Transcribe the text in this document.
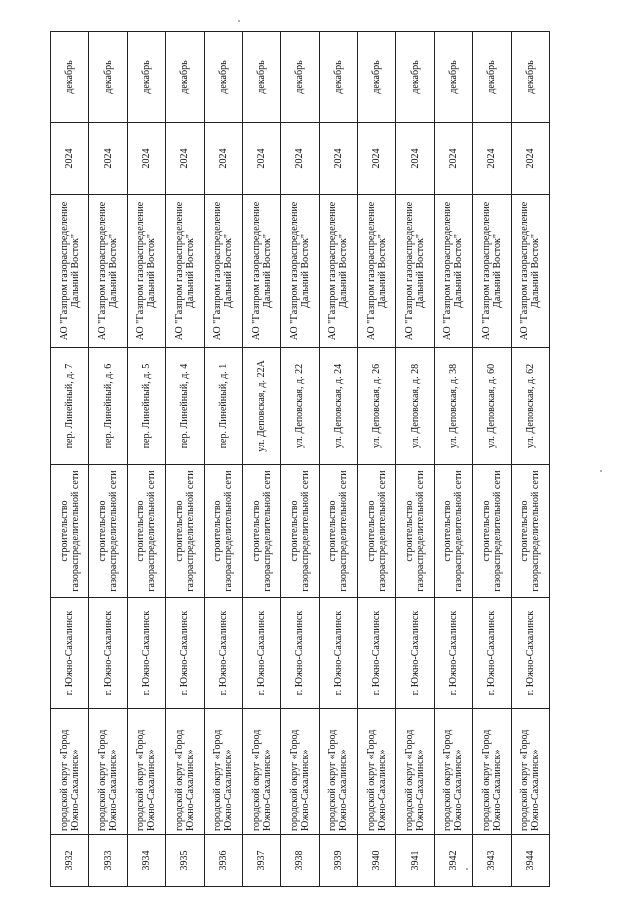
3932	городской округ «Город Южно-Сахалинск»	г. Южно-Сахалинск	строительство газораспределительной сети	пер. Линейный, д. 7	АО "Газпром газораспределение Дальний Восток"	2024	декабрь
3933	городской округ «Город Южно-Сахалинск»	г. Южно-Сахалинск	строительство газораспределительной сети	пер. Линейный, д. 6	АО "Газпром газораспределение Дальний Восток"	2024	декабрь
3934	городской округ «Город Южно-Сахалинск»	г. Южно-Сахалинск	строительство газораспределительной сети	пер. Линейный, д. 5	АО "Газпром газораспределение Дальний Восток"	2024	декабрь
3935	городской округ «Город Южно-Сахалинск»	г. Южно-Сахалинск	строительство газораспределительной сети	пер. Линейный, д. 4	АО "Газпром газораспределение Дальний Восток"	2024	декабрь
3936	городской округ «Город Южно-Сахалинск»	г. Южно-Сахалинск	строительство газораспределительной сети	пер. Линейный, д. 1	АО "Газпром газораспределение Дальний Восток"	2024	декабрь
3937	городской округ «Город Южно-Сахалинск»	г. Южно-Сахалинск	строительство газораспределительной сети	ул. Деповская, д. 22А	АО "Газпром газораспределение Дальний Восток"	2024	декабрь
3938	городской округ «Город Южно-Сахалинск»	г. Южно-Сахалинск	строительство газораспределительной сети	ул. Деповская, д. 22	АО "Газпром газораспределение Дальний Восток"	2024	декабрь
3939	городской округ «Город Южно-Сахалинск»	г. Южно-Сахалинск	строительство газораспределительной сети	ул. Деповская, д. 24	АО "Газпром газораспределение Дальний Восток"	2024	декабрь
3940	городской округ «Город Южно-Сахалинск»	г. Южно-Сахалинск	строительство газораспределительной сети	ул. Деповская, д. 26	АО "Газпром газораспределение Дальний Восток"	2024	декабрь
3941	городской округ «Город Южно-Сахалинск»	г. Южно-Сахалинск	строительство газораспределительной сети	ул. Деповская, д. 28	АО "Газпром газораспределение Дальний Восток"	2024	декабрь
3942	городской округ «Город Южно-Сахалинск»	г. Южно-Сахалинск	строительство газораспределительной сети	ул. Деповская, д. 38	АО "Газпром газораспределение Дальний Восток"	2024	декабрь
3943	городской округ «Город Южно-Сахалинск»	г. Южно-Сахалинск	строительство газораспределительной сети	ул. Деповская, д. 60	АО "Газпром газораспределение Дальний Восток"	2024	декабрь
3944	городской округ «Город Южно-Сахалинск»	г. Южно-Сахалинск	строительство газораспределительной сети	ул. Деповская, д. 62	АО "Газпром газораспределение Дальний Восток"	2024	декабрь
